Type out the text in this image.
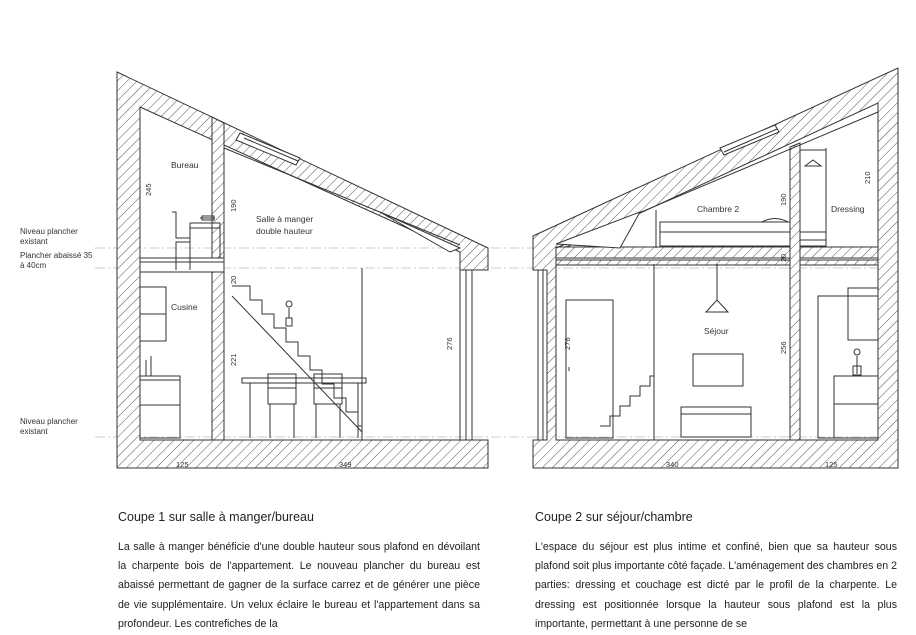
Bureau
Salle à manger
double hauteur
Cusine
245
190
20
221
276
125	349
Chambre 2	Dressing
Séjour
190
210
20
276	256
340	125
Niveau plancher
existant
Plancher abaissé 35
à 40cm
Niveau plancher
existant
Coupe 1 sur salle à manger/bureau

La salle à manger bénéficie d'une double hauteur sous plafond en dévoilant la charpente bois de l'appartement. Le nouveau plancher du bureau est abaissé permettant de gagner de la surface carrez et de générer une pièce de vie supplémentaire. Un velux éclaire le bureau et l'appartement dans sa profondeur. Les contrefiches de la

Coupe 2 sur séjour/chambre

L'espace du séjour est plus intime et confiné, bien que sa hauteur sous plafond soit plus importante côté façade. L'aménagement des chambres en 2 parties: dressing et couchage est dicté par le profil de la charpente. Le dressing est positionnée lorsque la hauteur sous plafond est la plus importante, permettant à une personne de se
